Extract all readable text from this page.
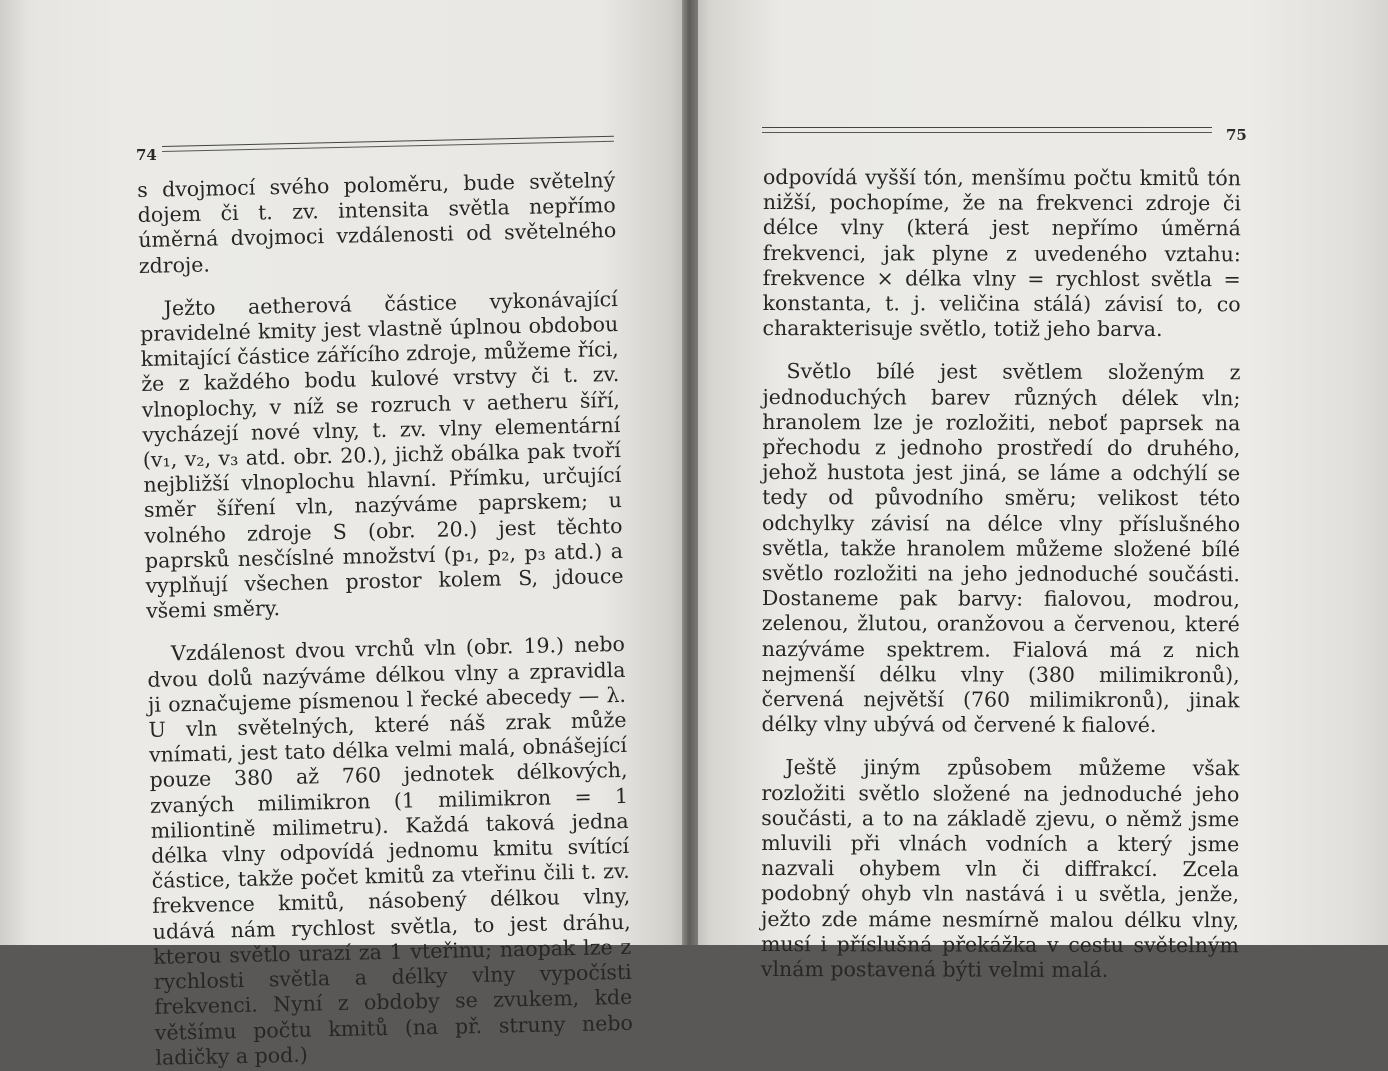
74

s dvojmocí svého poloměru, bude světelný dojem či t. zv. intensita světla nepřímo úměrná dvojmoci vzdálenosti od světelného zdroje.

Ježto aetherová částice vykonávající pravidelné kmity jest vlastně úplnou obdobou kmitající částice zářícího zdroje, můžeme říci, že z každého bodu kulové vrstvy či t. zv. vlnoplochy, v níž se rozruch v aetheru šíří, vycházejí nové vlny, t. zv. vlny elementární (v₁, v₂, v₃ atd. obr. 20.), jichž obálka pak tvoří nejbližší vlnoplochu hlavní. Přímku, určující směr šíření vln, nazýváme paprskem; u volného zdroje S (obr. 20.) jest těchto paprsků nesčíslné množství (p₁, p₂, p₃ atd.) a vyplňují všechen prostor kolem S, jdouce všemi směry.

Vzdálenost dvou vrchů vln (obr. 19.) nebo dvou dolů nazýváme délkou vlny a zpravidla ji označujeme písmenou l řecké abecedy — λ. U vln světelných, které náš zrak může vnímati, jest tato délka velmi malá, obnášející pouze 380 až 760 jednotek délkových, zvaných milimikron (1 milimikron = 1 miliontině milimetru). Každá taková jedna délka vlny odpovídá jednomu kmitu svítící částice, takže počet kmitů za vteřinu čili t. zv. frekvence kmitů, násobený délkou vlny, udává nám rychlost světla, to jest dráhu, kterou světlo urazí za 1 vteřinu; naopak lze z rychlosti světla a délky vlny vypočísti frekvenci. Nyní z obdoby se zvukem, kde většímu počtu kmitů (na př. struny nebo ladičky a pod.)

75

odpovídá vyšší tón, menšímu počtu kmitů tón nižší, pochopíme, že na frekvenci zdroje či délce vlny (která jest nepřímo úměrná frekvenci, jak plyne z uvedeného vztahu: frekvence × délka vlny = rychlost světla = konstanta, t. j. veličina stálá) závisí to, co charakterisuje světlo, totiž jeho barva.

Světlo bílé jest světlem složeným z jednoduchých barev různých délek vln; hranolem lze je rozložiti, neboť paprsek na přechodu z jednoho prostředí do druhého, jehož hustota jest jiná, se láme a odchýlí se tedy od původního směru; velikost této odchylky závisí na délce vlny příslušného světla, takže hranolem můžeme složené bílé světlo rozložiti na jeho jednoduché součásti. Dostaneme pak barvy: fialovou, modrou, zelenou, žlutou, oranžovou a červenou, které nazýváme spektrem. Fialová má z nich nejmenší délku vlny (380 milimikronů), červená největší (760 milimikronů), jinak délky vlny ubývá od červené k fialové.

Ještě jiným způsobem můžeme však rozložiti světlo složené na jednoduché jeho součásti, a to na základě zjevu, o němž jsme mluvili při vlnách vodních a který jsme nazvali ohybem vln či diffrakcí. Zcela podobný ohyb vln nastává i u světla, jenže, ježto zde máme nesmírně malou délku vlny, musí i příslušná překážka v cestu světelným vlnám postavená býti velmi malá.
